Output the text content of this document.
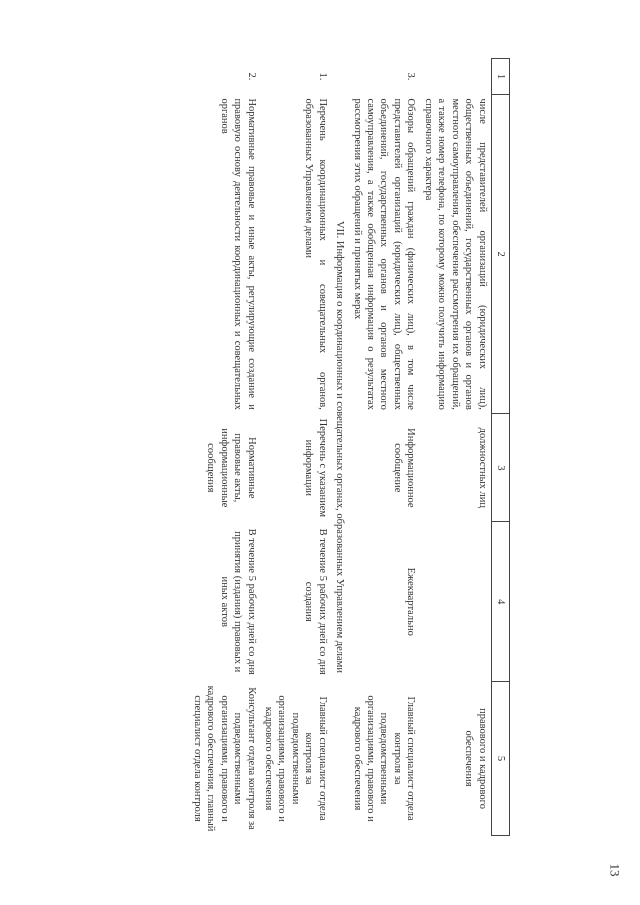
13
1	2	3	4	5
	числе представителей организаций (юридических лиц), общественных объединений, государственных органов и органов местного самоуправления, обеспечение рассмотрения их обращений, а также номер телефона, по которому можно получить информацию справочного характера	должностных лиц		правового и кадрового обеспечения
3.	Обзоры обращений граждан (физических лиц), в том числе представителей организаций (юридических лиц), общественных объединений, государственных органов и органов местного самоуправления, а также обобщенная информация о результатах рассмотрения этих обращений и принятых мерах	Информационное сообщение	Ежеквартально	Главный специалист отдела контроля за подведомственными организациями, правового и кадрового обеспечения
VII. Информация о координационных и совещательных органах, образованных Управлением делами				
1.	Перечень координационных и совещательных органов, образованных Управлением делами	Перечень с указанием информации	В течение 5 рабочих дней со дня создания	Главный специалист отдела контроля за подведомственными организациями, правового и кадрового обеспечения
2.	Нормативные правовые и иные акты, регулирующие создание и правовую основу деятельности координационных и совещательных органов	Нормативные правовые акты, информационные сообщения	В течение 5 рабочих дней со дня принятия (издания) правовых и иных актов	Консультант отдела контроля за подведомственными организациями, правового и кадрового обеспечения, главный специалист отдела контроля
